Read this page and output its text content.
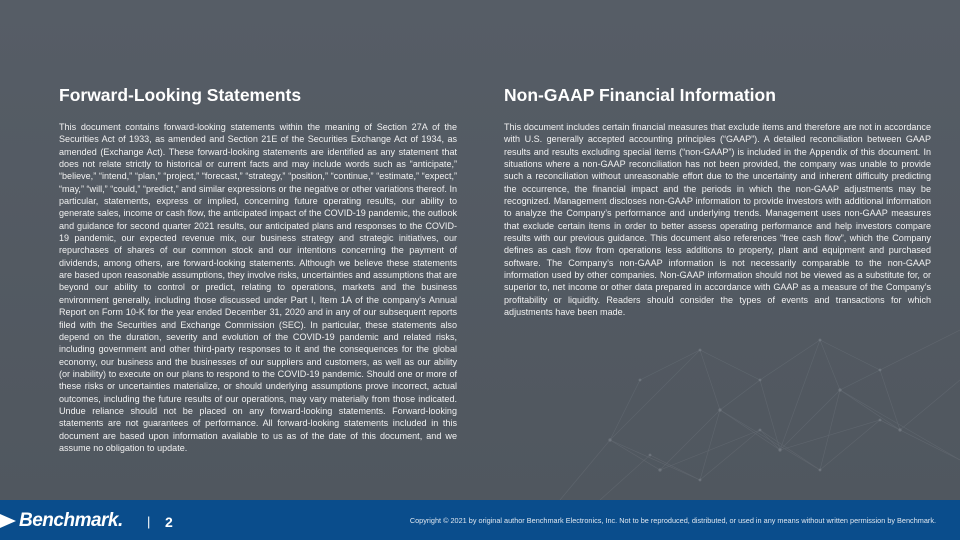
Forward-Looking Statements

This document contains forward-looking statements within the meaning of Section 27A of the Securities Act of 1933, as amended and Section 21E of the Securities Exchange Act of 1934, as amended (Exchange Act). These forward-looking statements are identified as any statement that does not relate strictly to historical or current facts and may include words such as “anticipate,” “believe,” “intend,” “plan,” “project,” “forecast,” “strategy,” “position,” “continue,” “estimate,” “expect,” “may,” “will,” “could,” “predict,” and similar expressions or the negative or other variations thereof. In particular, statements, express or implied, concerning future operating results, our ability to generate sales, income or cash flow, the anticipated impact of the COVID-19 pandemic, the outlook and guidance for second quarter 2021 results, our anticipated plans and responses to the COVID-19 pandemic, our expected revenue mix, our business strategy and strategic initiatives, our repurchases of shares of our common stock and our intentions concerning the payment of dividends, among others, are forward-looking statements. Although we believe these statements are based upon reasonable assumptions, they involve risks, uncertainties and assumptions that are beyond our ability to control or predict, relating to operations, markets and the business environment generally, including those discussed under Part I, Item 1A of the company's Annual Report on Form 10-K for the year ended December 31, 2020 and in any of our subsequent reports filed with the Securities and Exchange Commission (SEC). In particular, these statements also depend on the duration, severity and evolution of the COVID-19 pandemic and related risks, including government and other third-party responses to it and the consequences for the global economy, our business and the businesses of our suppliers and customers, as well as our ability (or inability) to execute on our plans to respond to the COVID-19 pandemic. Should one or more of these risks or uncertainties materialize, or should underlying assumptions prove incorrect, actual outcomes, including the future results of our operations, may vary materially from those indicated. Undue reliance should not be placed on any forward-looking statements. Forward-looking statements are not guarantees of performance. All forward-looking statements included in this document are based upon information available to us as of the date of this document, and we assume no obligation to update.

Non-GAAP Financial Information

This document includes certain financial measures that exclude items and therefore are not in accordance with U.S. generally accepted accounting principles (“GAAP”). A detailed reconciliation between GAAP results and results excluding special items (“non-GAAP”) is included in the Appendix of this document. In situations where a non-GAAP reconciliation has not been provided, the company was unable to provide such a reconciliation without unreasonable effort due to the uncertainty and inherent difficulty predicting the occurrence, the financial impact and the periods in which the non-GAAP adjustments may be recognized. Management discloses non-GAAP information to provide investors with additional information to analyze the Company’s performance and underlying trends. Management uses non-GAAP measures that exclude certain items in order to better assess operating performance and help investors compare results with our previous guidance. This document also references “free cash flow”, which the Company defines as cash flow from operations less additions to property, plant and equipment and purchased software. The Company’s non-GAAP information is not necessarily comparable to the non-GAAP information used by other companies. Non-GAAP information should not be viewed as a substitute for, or superior to, net income or other data prepared in accordance with GAAP as a measure of the Company’s profitability or liquidity. Readers should consider the types of events and transactions for which adjustments have been made.

Benchmark. | 2	Copyright © 2021 by original author Benchmark Electronics, Inc. Not to be reproduced, distributed, or used in any means without written permission by Benchmark.
